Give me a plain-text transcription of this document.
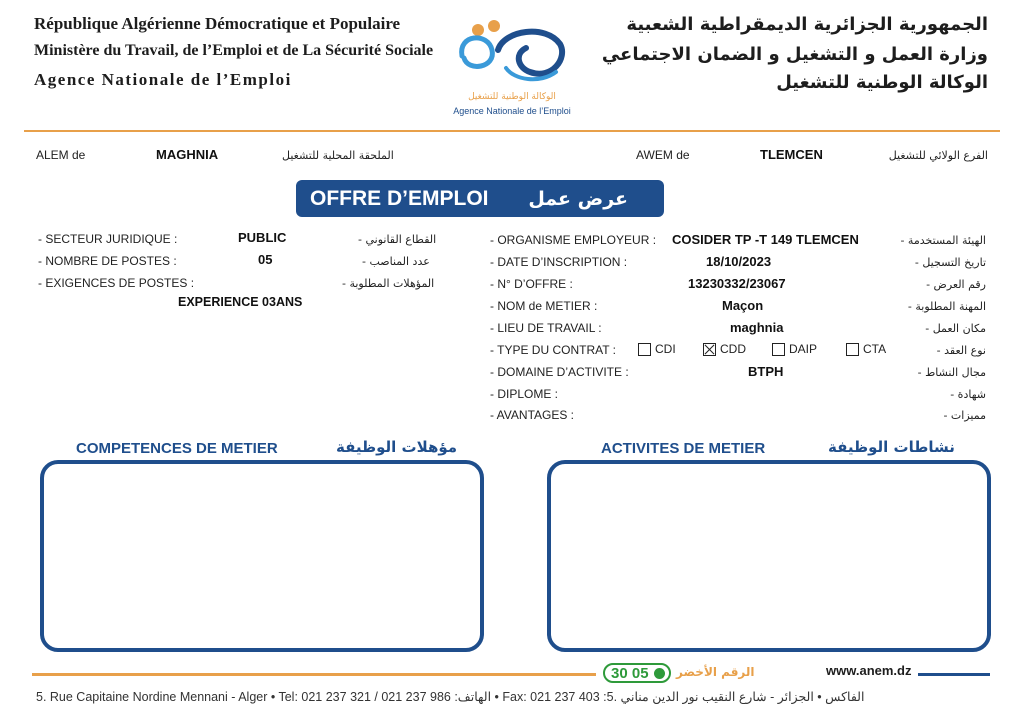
République Algérienne Démocratique et Populaire
Ministère du Travail, de l’Emploi et de La Sécurité Sociale
Agence Nationale de l’Emploi
الجمهورية الجزائرية الديمقراطية الشعبية
وزارة العمل و التشغيل و الضمان الاجتماعي
الوكالة الوطنية للتشغيل
الوكالة الوطنية للتشغيل
Agence Nationale de l’Emploi
ALEM de	MAGHNIA	الملحقة المحلية للتشغيل	AWEM de	TLEMCEN	الفرع الولائي للتشغيل
OFFRE D’EMPLOI عرض عمل
- SECTEUR JURIDIQUE :	PUBLIC	القطاع القانوني -
- NOMBRE DE POSTES :	05	عدد المناصب -
- EXIGENCES DE POSTES :	المؤهلات المطلوبة -
EXPERIENCE 03ANS
- ORGANISME EMPLOYEUR : COSIDER TP -T 149 TLEMCEN	الهيئة المستخدمة -
- DATE D’INSCRIPTION :	18/10/2023	تاريخ التسجيل -
- N° D’OFFRE :	13230332/23067	رقم العرض -
- NOM de METIER :	Maçon	المهنة المطلوبة -
- LIEU DE TRAVAIL :	maghnia	مكان العمل -
- TYPE DU CONTRAT :	CDI	CDD	DAIP	CTA	نوع العقد -
- DOMAINE D’ACTIVITE :	BTPH	مجال النشاط -
- DIPLOME :	شهادة -
- AVANTAGES :	مميزات -
COMPETENCES DE METIER	مؤهلات الوظيفة	ACTIVITES DE METIER	نشاطات الوظيفة
الرقم الأخضر
30 05	www.anem.dz
5. Rue Capitaine Nordine Mennani - Alger • Tel: 021 237 321 / 021 237 986 :الهاتف • Fax: 021 237 403 :الفاكس • الجزائر - شارع النقيب نور الدين مناني .5
